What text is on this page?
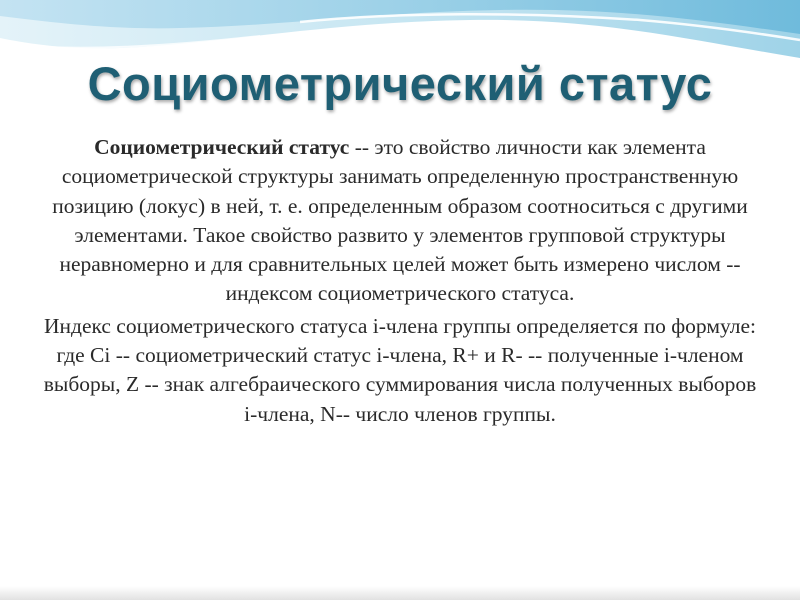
Социометрический статус

Социометрический статус -- это свойство личности как элемента социометрической структуры занимать определенную пространственную позицию (локус) в ней, т. е. определенным образом соотноситься с другими элементами. Такое свойство развито у элементов групповой структуры неравномерно и для сравнительных целей может быть измерено числом -- индексом социометрического статуса.

Индекс социометрического статуса i-члена группы определяется по формуле:

где Ci -- социометрический статус i-члена, R+ и R- -- полученные i-членом выборы, Z -- знак алгебраического суммирования числа полученных выборов i-члена, N-- число членов группы.
